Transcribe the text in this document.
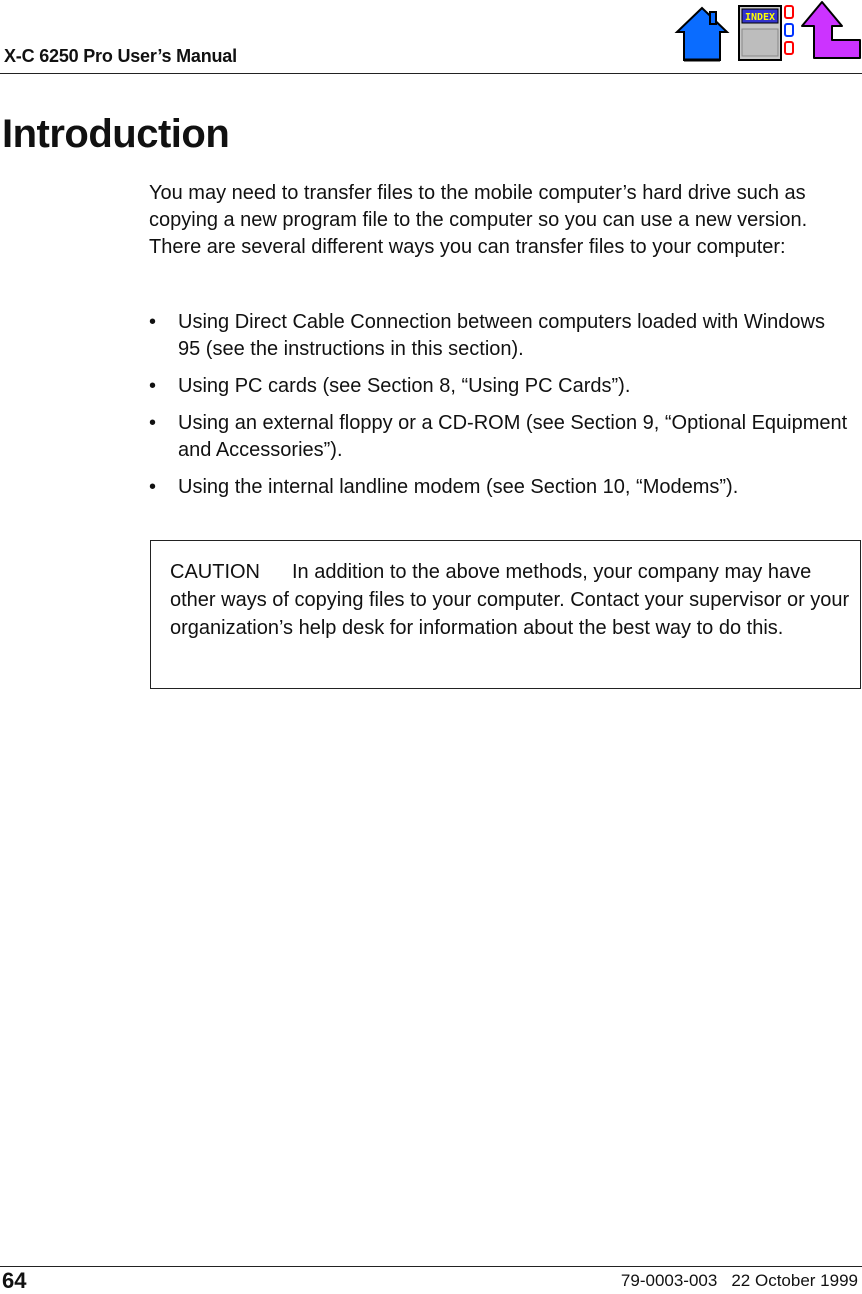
X-C 6250 Pro User’s Manual
INDEX
Introduction

You may need to transfer files to the mobile computer’s hard drive such as copying a new program file to the computer so you can use a new version. There are several different ways you can transfer files to your computer:

• Using Direct Cable Connection between computers loaded with Windows 95 (see the instructions in this section).
• Using PC cards (see Section 8, “Using PC Cards”).
• Using an external floppy or a CD-ROM (see Section 9, “Optional Equipment and Accessories”).
• Using the internal landline modem (see Section 10, “Modems”).

CAUTION In addition to the above methods, your company may have other ways of copying files to your computer. Contact your supervisor or your organization’s help desk for information about the best way to do this.

64	79-0003-003 22 October 1999
